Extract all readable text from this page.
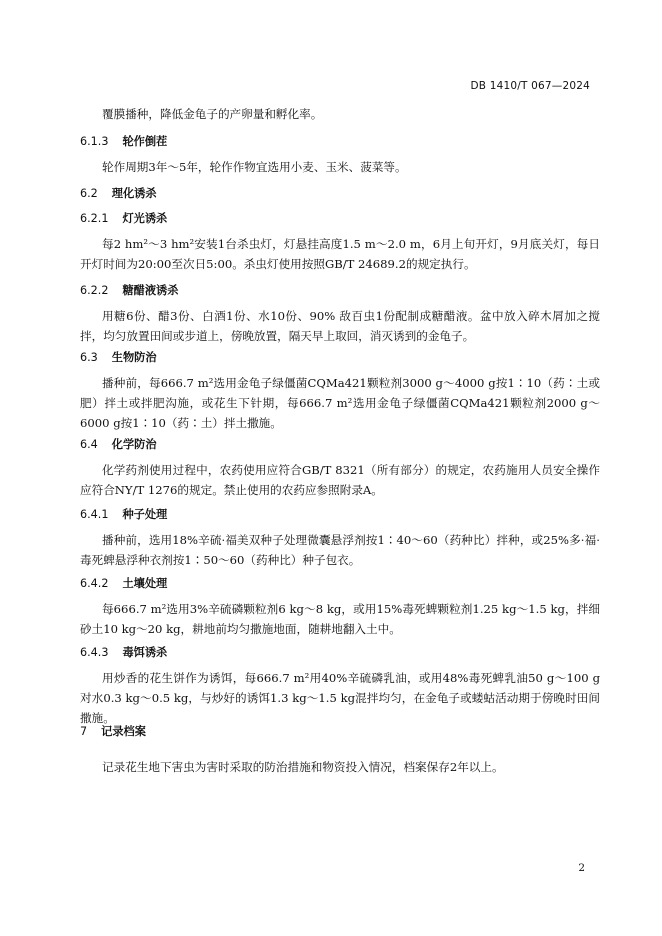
DB 1410/T 067—2024

覆膜播种，降低金龟子的产卵量和孵化率。

6.1.3 轮作倒茬

轮作周期3年～5年，轮作作物宜选用小麦、玉米、菠菜等。

6.2 理化诱杀
6.2.1 灯光诱杀

每2 hm²～3 hm²安装1台杀虫灯，灯悬挂高度1.5 m～2.0 m，6月上旬开灯，9月底关灯，每日开灯时间为20:00至次日5:00。杀虫灯使用按照GB/T 24689.2的规定执行。

6.2.2 糖醋液诱杀

用糖6份、醋3份、白酒1份、水10份、90% 敌百虫1份配制成糖醋液。盆中放入碎木屑加之搅拌，均匀放置田间或步道上，傍晚放置，隔天早上取回，消灭诱到的金龟子。

6.3 生物防治

播种前，每666.7 m²选用金龟子绿僵菌CQMa421颗粒剂3000 g～4000 g按1∶10（药∶土或肥）拌土或拌肥沟施，或花生下针期，每666.7 m²选用金龟子绿僵菌CQMa421颗粒剂2000 g～6000 g按1∶10（药∶土）拌土撒施。

6.4 化学防治

化学药剂使用过程中，农药使用应符合GB/T 8321（所有部分）的规定，农药施用人员安全操作应符合NY/T 1276的规定。禁止使用的农药应参照附录A。

6.4.1 种子处理

播种前，选用18%辛硫·福美双种子处理微囊悬浮剂按1∶40～60（药种比）拌种，或25%多·福·毒死蜱悬浮种衣剂按1∶50～60（药种比）种子包衣。

6.4.2 土壤处理

每666.7 m²选用3%辛硫磷颗粒剂6 kg～8 kg，或用15%毒死蜱颗粒剂1.25 kg～1.5 kg，拌细砂土10 kg～20 kg，耕地前均匀撒施地面，随耕地翻入土中。

6.4.3 毒饵诱杀

用炒香的花生饼作为诱饵，每666.7 m²用40%辛硫磷乳油，或用48%毒死蜱乳油50 g～100 g对水0.3 kg～0.5 kg，与炒好的诱饵1.3 kg～1.5 kg混拌均匀，在金龟子或蝼蛄活动期于傍晚时田间撒施。

7 记录档案

记录花生地下害虫为害时采取的防治措施和物资投入情况，档案保存2年以上。

2
